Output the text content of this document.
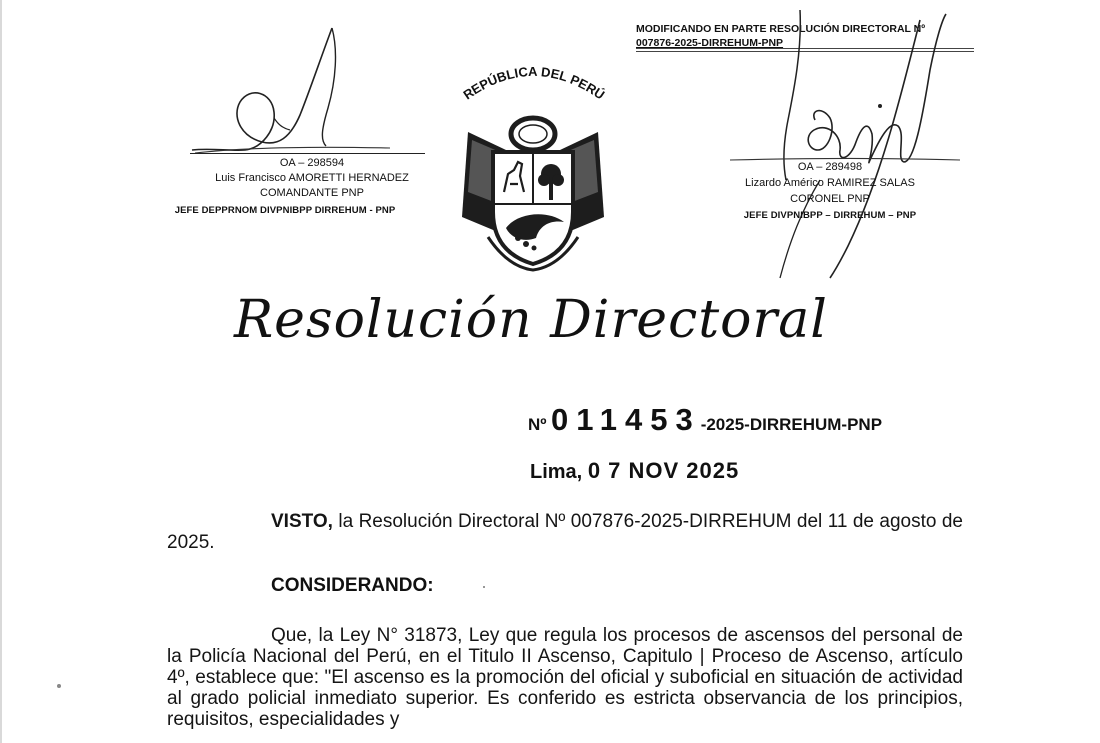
OA – 298594
Luis Francisco AMORETTI HERNADEZ
COMANDANTE PNP
JEFE DEPPRNOM DIVPNIBPP DIRREHUM - PNP
MODIFICANDO EN PARTE RESOLUCIÓN DIRECTORAL Nº
007876-2025-DIRREHUM-PNP
OA – 289498
Lizardo Américo RAMIREZ SALAS
CORONEL PNP
JEFE DIVPNIBPP – DIRREHUM – PNP
REPÚBLICA DEL PERÚ
Resolución Directoral
Nº 011453-2025-DIRREHUM-PNP
Lima, 0 7 NOV 2025
VISTO, la Resolución Directoral Nº 007876-2025-DIRREHUM del 11 de agosto de 2025.
CONSIDERANDO:
Que, la Ley N° 31873, Ley que regula los procesos de ascensos del personal de la Policía Nacional del Perú, en el Titulo II Ascenso, Capitulo | Proceso de Ascenso, artículo 4º, establece que: "El ascenso es la promoción del oficial y suboficial en situación de actividad al grado policial inmediato superior. Es conferido es estricta observancia de los principios, requisitos, especialidades y
